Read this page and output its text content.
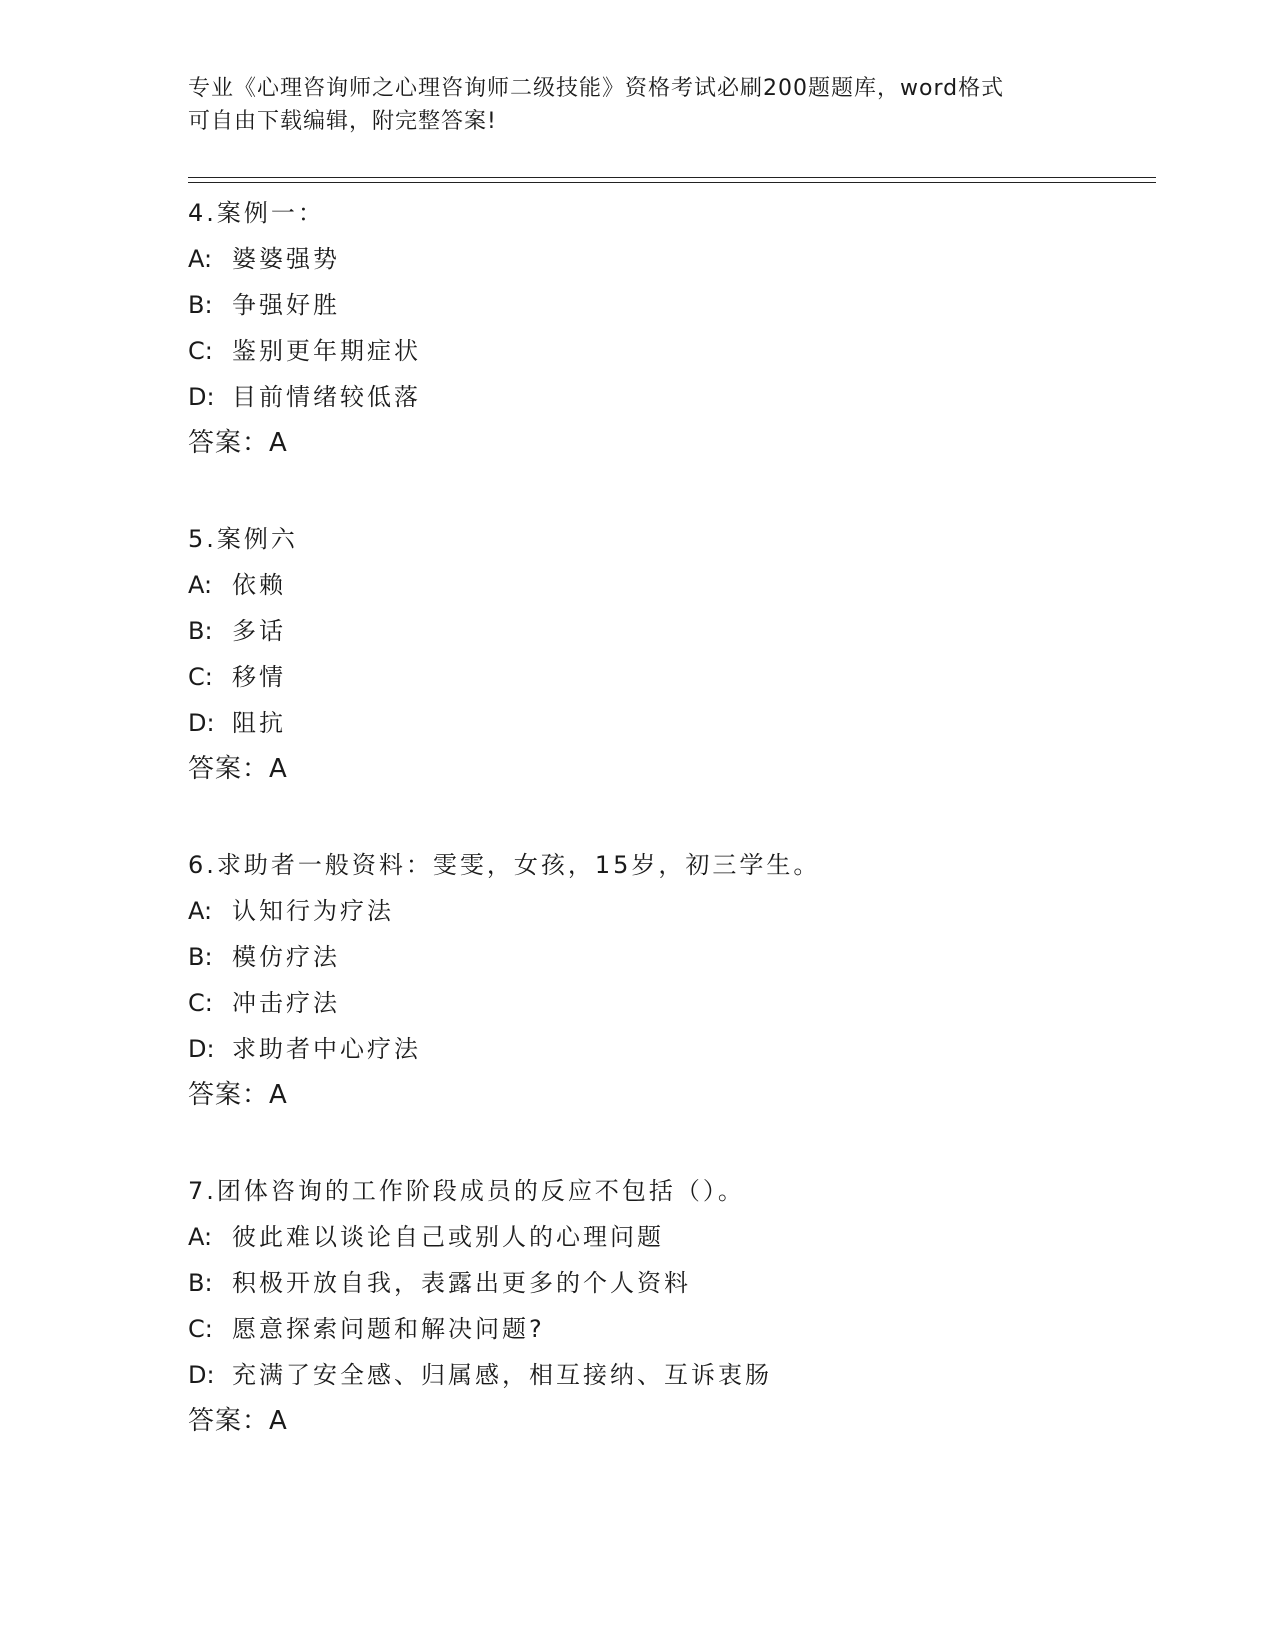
专业《心理咨询师之心理咨询师二级技能》资格考试必刷200题题库，word格式
可自由下载编辑，附完整答案!
4.案例一：
A: 婆婆强势
B: 争强好胜
C: 鉴别更年期症状
D: 目前情绪较低落
答案：A
5.案例六
A: 依赖
B: 多话
C: 移情
D: 阻抗
答案：A
6.求助者一般资料：雯雯，女孩，15岁，初三学生。
A: 认知行为疗法
B: 模仿疗法
C: 冲击疗法
D: 求助者中心疗法
答案：A
7.团体咨询的工作阶段成员的反应不包括（）。
A: 彼此难以谈论自己或别人的心理问题
B: 积极开放自我，表露出更多的个人资料
C: 愿意探索问题和解决问题?
D: 充满了安全感、归属感，相互接纳、互诉衷肠
答案：A
